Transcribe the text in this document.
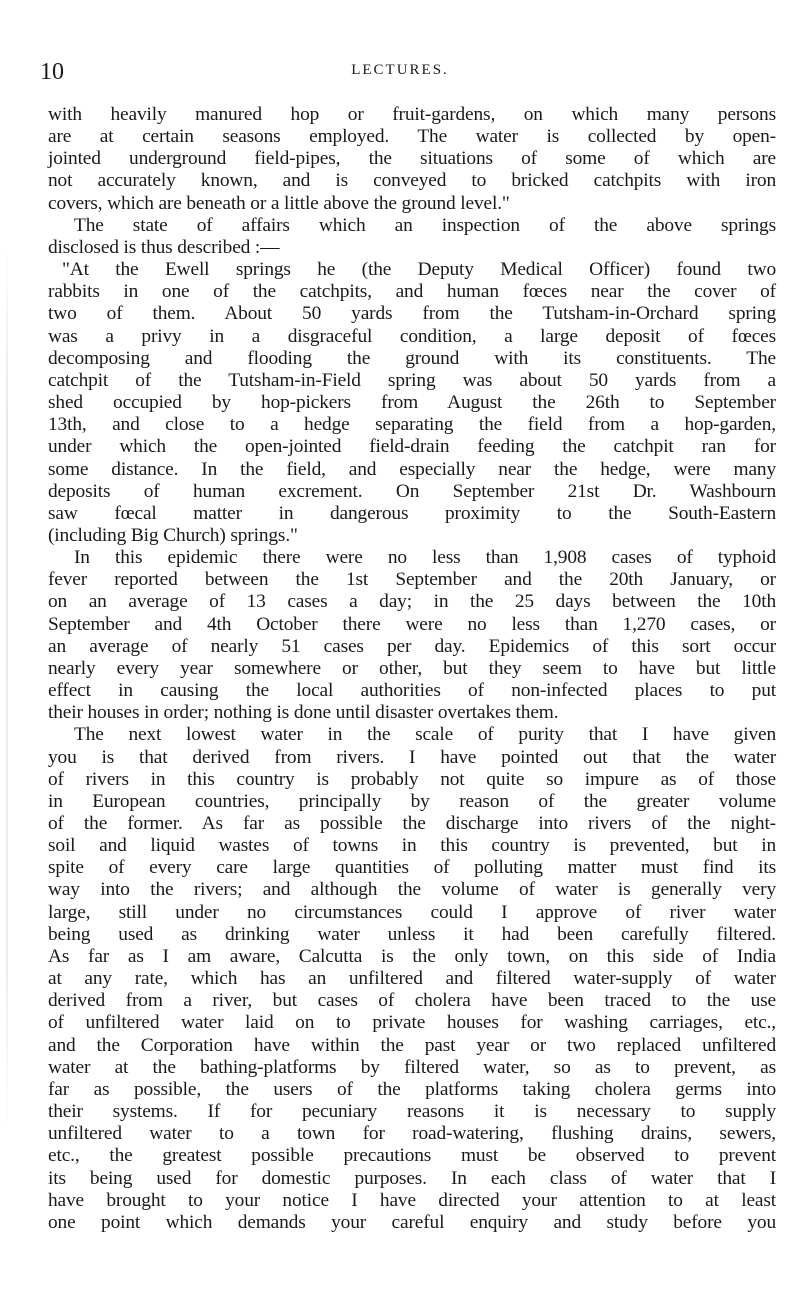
10	LECTURES.
with heavily manured hop or fruit-gardens, on which many persons
are at certain seasons employed. The water is collected by open-
jointed underground field-pipes, the situations of some of which are
not accurately known, and is conveyed to bricked catchpits with iron
covers, which are beneath or a little above the ground level."
The state of affairs which an inspection of the above springs
disclosed is thus described :—
"At the Ewell springs he (the Deputy Medical Officer) found two
rabbits in one of the catchpits, and human fœces near the cover of
two of them. About 50 yards from the Tutsham-in-Orchard spring
was a privy in a disgraceful condition, a large deposit of fœces
decomposing and flooding the ground with its constituents. The
catchpit of the Tutsham-in-Field spring was about 50 yards from a
shed occupied by hop-pickers from August the 26th to September
13th, and close to a hedge separating the field from a hop-garden,
under which the open-jointed field-drain feeding the catchpit ran for
some distance. In the field, and especially near the hedge, were many
deposits of human excrement. On September 21st Dr. Washbourn
saw fœcal matter in dangerous proximity to the South-Eastern
(including Big Church) springs."
In this epidemic there were no less than 1,908 cases of typhoid
fever reported between the 1st September and the 20th January, or
on an average of 13 cases a day; in the 25 days between the 10th
September and 4th October there were no less than 1,270 cases, or
an average of nearly 51 cases per day. Epidemics of this sort occur
nearly every year somewhere or other, but they seem to have but little
effect in causing the local authorities of non-infected places to put
their houses in order; nothing is done until disaster overtakes them.
The next lowest water in the scale of purity that I have given
you is that derived from rivers. I have pointed out that the water
of rivers in this country is probably not quite so impure as of those
in European countries, principally by reason of the greater volume
of the former. As far as possible the discharge into rivers of the night-
soil and liquid wastes of towns in this country is prevented, but in
spite of every care large quantities of polluting matter must find its
way into the rivers; and although the volume of water is generally very
large, still under no circumstances could I approve of river water
being used as drinking water unless it had been carefully filtered.
As far as I am aware, Calcutta is the only town, on this side of India
at any rate, which has an unfiltered and filtered water-supply of water
derived from a river, but cases of cholera have been traced to the use
of unfiltered water laid on to private houses for washing carriages, etc.,
and the Corporation have within the past year or two replaced unfiltered
water at the bathing-platforms by filtered water, so as to prevent, as
far as possible, the users of the platforms taking cholera germs into
their systems. If for pecuniary reasons it is necessary to supply
unfiltered water to a town for road-watering, flushing drains, sewers,
etc., the greatest possible precautions must be observed to prevent
its being used for domestic purposes. In each class of water that I
have brought to your notice I have directed your attention to at least
one point which demands your careful enquiry and study before you
